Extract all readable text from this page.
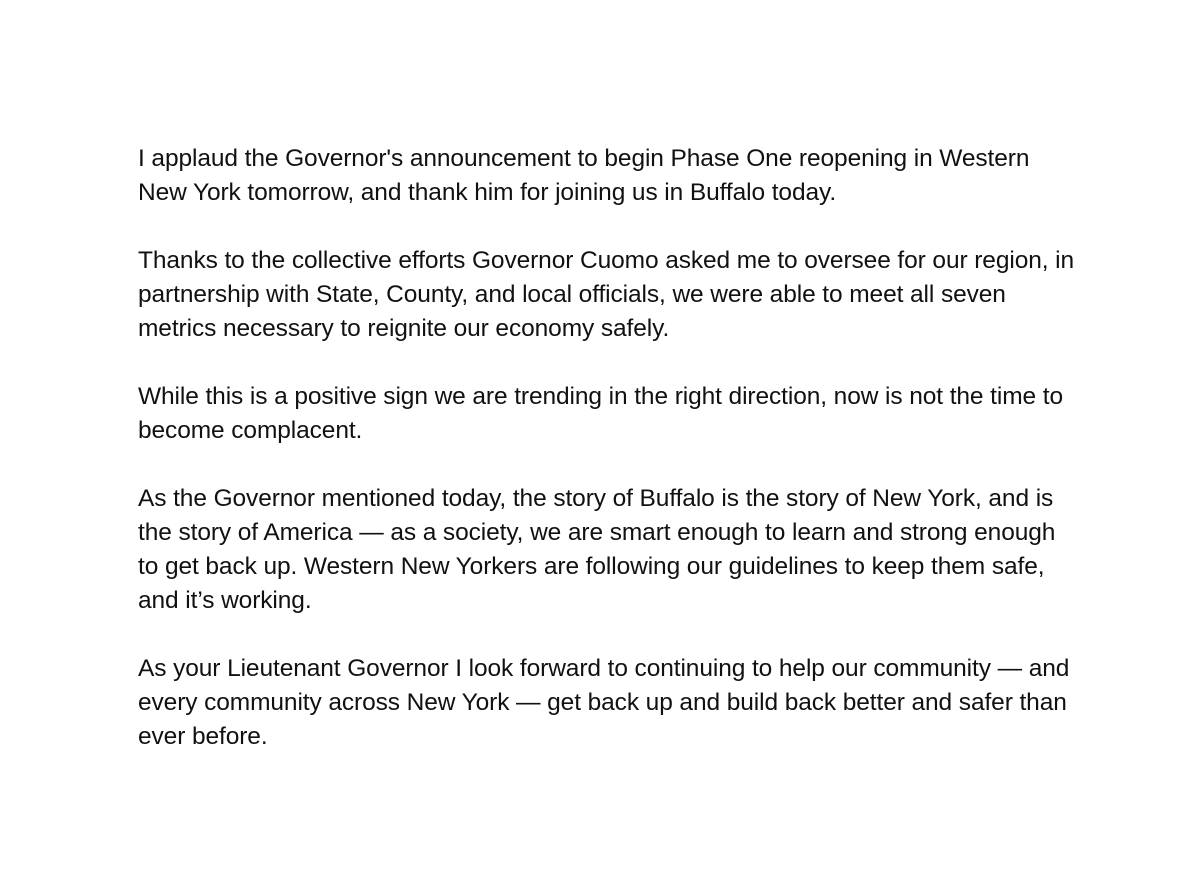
I applaud the Governor's announcement to begin Phase One reopening in Western New York tomorrow, and thank him for joining us in Buffalo today.

Thanks to the collective efforts Governor Cuomo asked me to oversee for our region, in partnership with State, County, and local officials, we were able to meet all seven metrics necessary to reignite our economy safely.

While this is a positive sign we are trending in the right direction, now is not the time to become complacent.

As the Governor mentioned today, the story of Buffalo is the story of New York, and is the story of America — as a society, we are smart enough to learn and strong enough to get back up. Western New Yorkers are following our guidelines to keep them safe, and it’s working.

As your Lieutenant Governor I look forward to continuing to help our community — and every community across New York — get back up and build back better and safer than ever before.
